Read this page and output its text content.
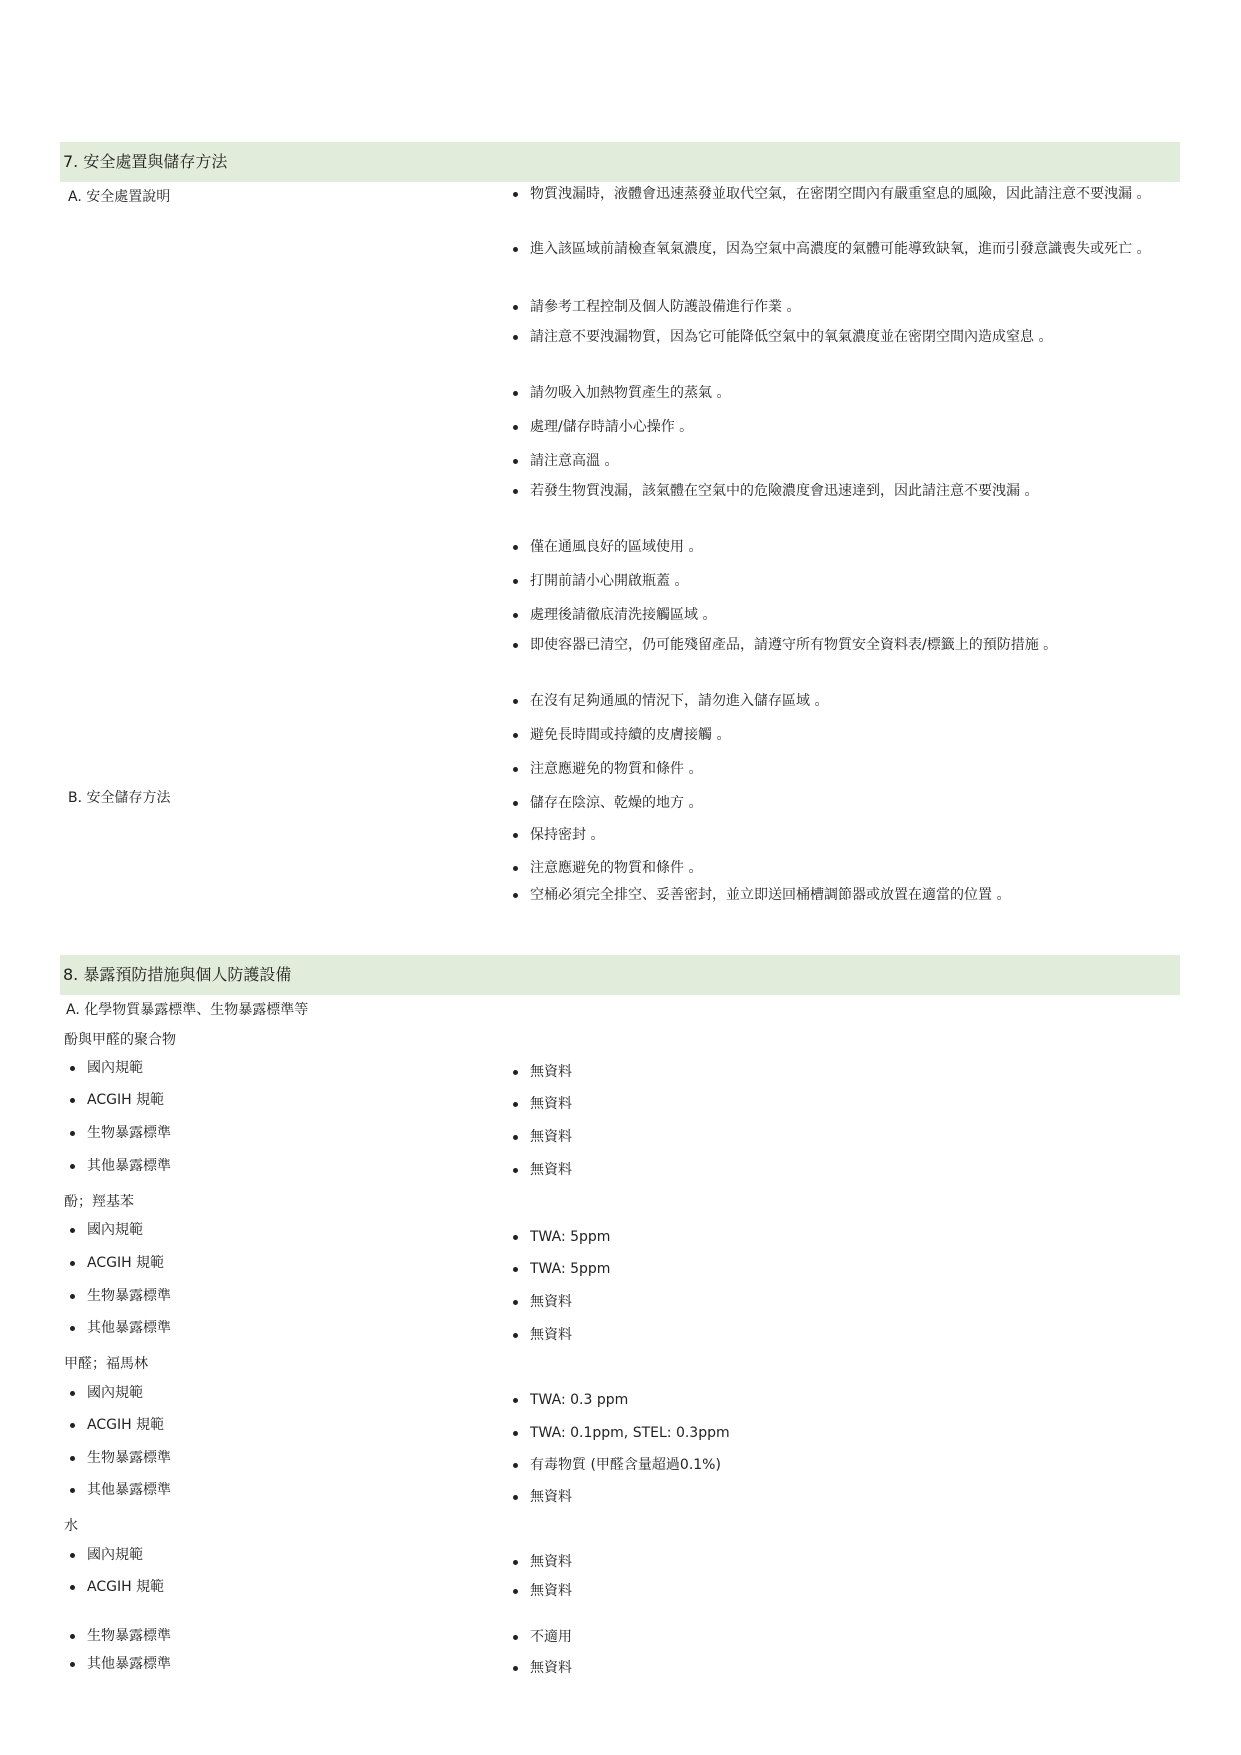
7. 安全處置與儲存方法
A. 安全處置說明
B. 安全儲存方法
物質洩漏時，液體會迅速蒸發並取代空氣，在密閉空間內有嚴重窒息的風險，因此請注意不要洩漏 。
進入該區域前請檢查氧氣濃度，因為空氣中高濃度的氣體可能導致缺氧，進而引發意識喪失或死亡 。
請參考工程控制及個人防護設備進行作業 。
請注意不要洩漏物質，因為它可能降低空氣中的氧氣濃度並在密閉空間內造成窒息 。
請勿吸入加熱物質產生的蒸氣 。
處理/儲存時請小心操作 。
請注意高溫 。
若發生物質洩漏，該氣體在空氣中的危險濃度會迅速達到，因此請注意不要洩漏 。
僅在通風良好的區域使用 。
打開前請小心開啟瓶蓋 。
處理後請徹底清洗接觸區域 。
即使容器已清空，仍可能殘留產品，請遵守所有物質安全資料表/標籤上的預防措施 。
在沒有足夠通風的情況下，請勿進入儲存區域 。
避免長時間或持續的皮膚接觸 。
注意應避免的物質和條件 。
儲存在陰涼、乾燥的地方 。
保持密封 。
注意應避免的物質和條件 。
空桶必須完全排空、妥善密封，並立即送回桶槽調節器或放置在適當的位置 。
8. 暴露預防措施與個人防護設備
A. 化學物質暴露標準、生物暴露標準等
酚與甲醛的聚合物
國內規範
ACGIH 規範
生物暴露標準
其他暴露標準
無資料
無資料
無資料
無資料
酚；羥基苯
國內規範
ACGIH 規範
生物暴露標準
其他暴露標準
TWA: 5ppm
TWA: 5ppm
無資料
無資料
甲醛；福馬林
國內規範
ACGIH 規範
生物暴露標準
其他暴露標準
TWA: 0.3 ppm
TWA: 0.1ppm, STEL: 0.3ppm
有毒物質 (甲醛含量超過0.1%)
無資料
水
國內規範
ACGIH 規範
生物暴露標準
其他暴露標準
無資料
無資料
不適用
無資料
